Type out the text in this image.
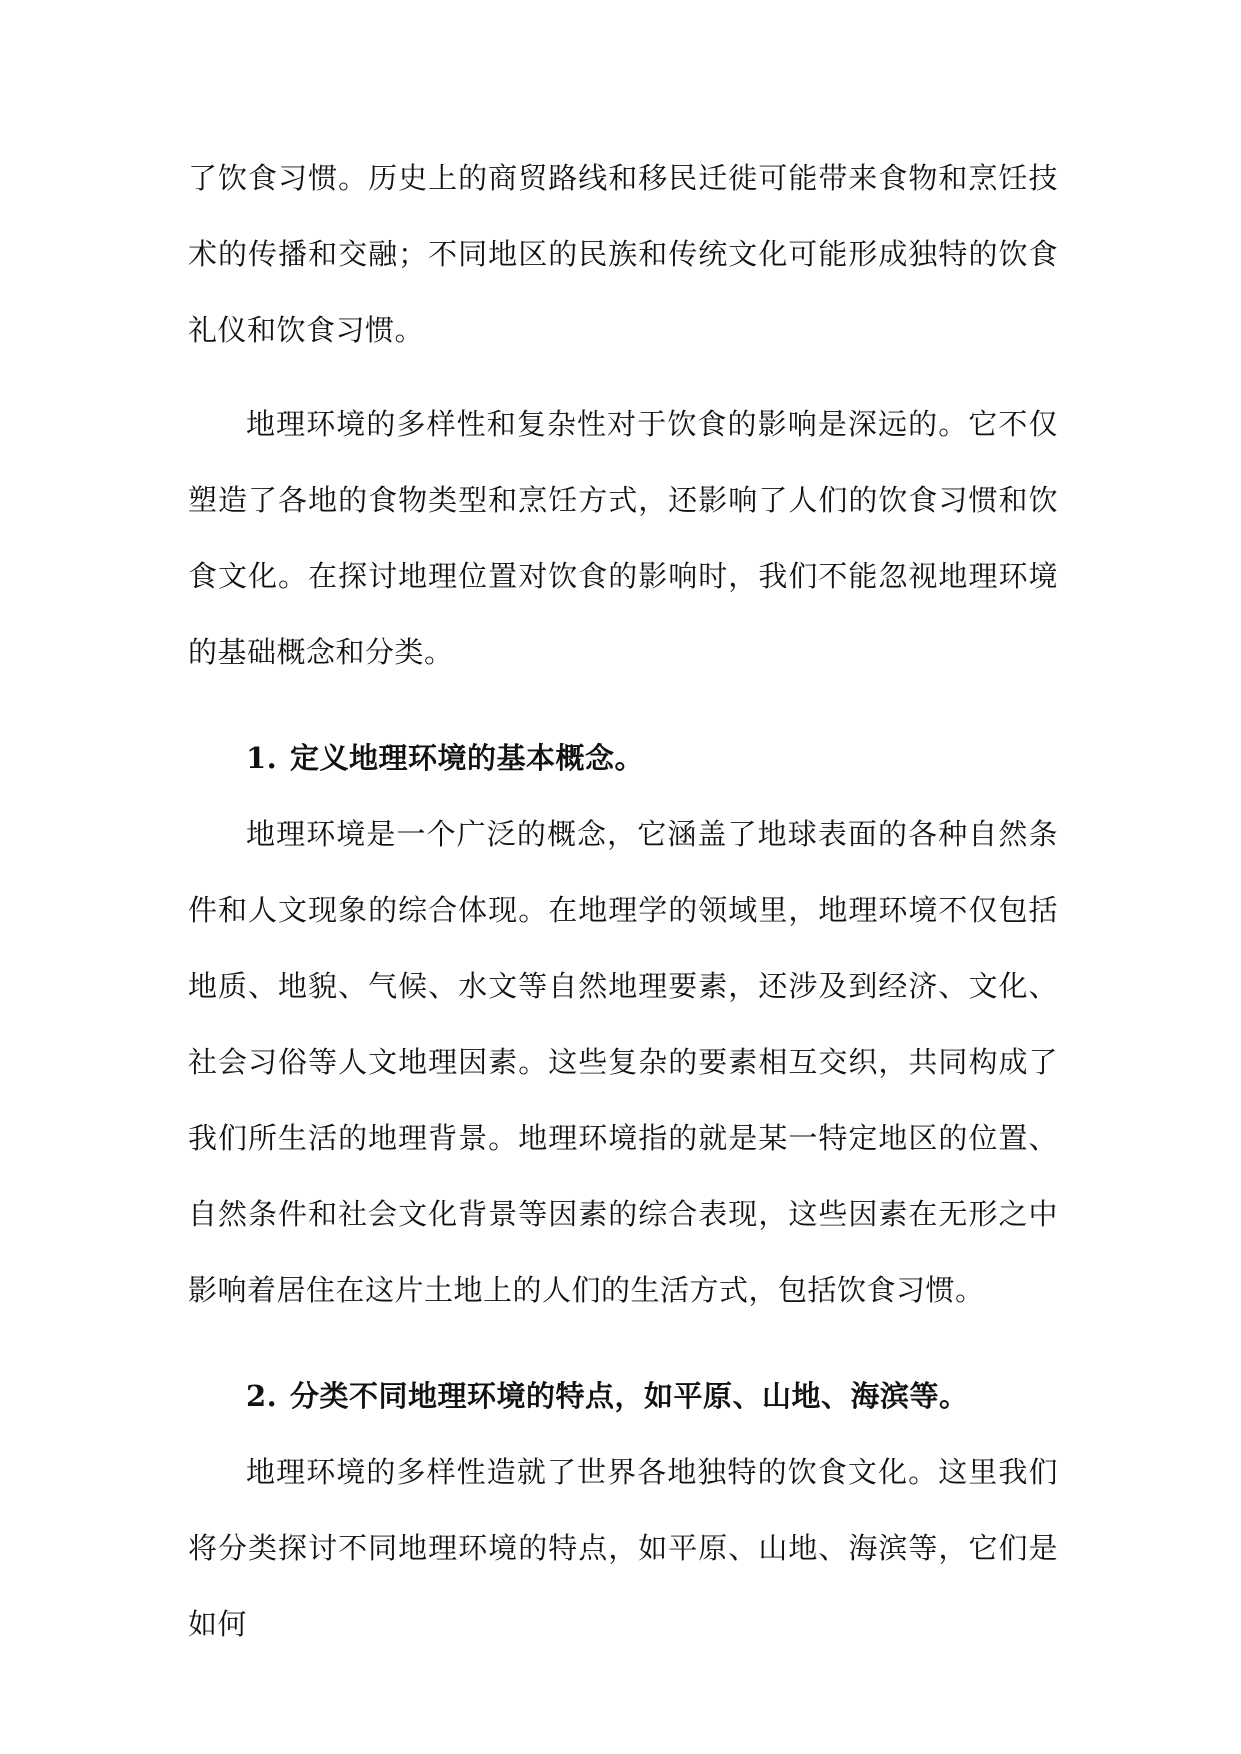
了饮食习惯。历史上的商贸路线和移民迁徙可能带来食物和烹饪技术的传播和交融；不同地区的民族和传统文化可能形成独特的饮食礼仪和饮食习惯。

地理环境的多样性和复杂性对于饮食的影响是深远的。它不仅塑造了各地的食物类型和烹饪方式，还影响了人们的饮食习惯和饮食文化。在探讨地理位置对饮食的影响时，我们不能忽视地理环境的基础概念和分类。

1. 定义地理环境的基本概念。

地理环境是一个广泛的概念，它涵盖了地球表面的各种自然条件和人文现象的综合体现。在地理学的领域里，地理环境不仅包括地质、地貌、气候、水文等自然地理要素，还涉及到经济、文化、社会习俗等人文地理因素。这些复杂的要素相互交织，共同构成了我们所生活的地理背景。地理环境指的就是某一特定地区的位置、自然条件和社会文化背景等因素的综合表现，这些因素在无形之中影响着居住在这片土地上的人们的生活方式，包括饮食习惯。

2. 分类不同地理环境的特点，如平原、山地、海滨等。

地理环境的多样性造就了世界各地独特的饮食文化。这里我们将分类探讨不同地理环境的特点，如平原、山地、海滨等，它们是如何
